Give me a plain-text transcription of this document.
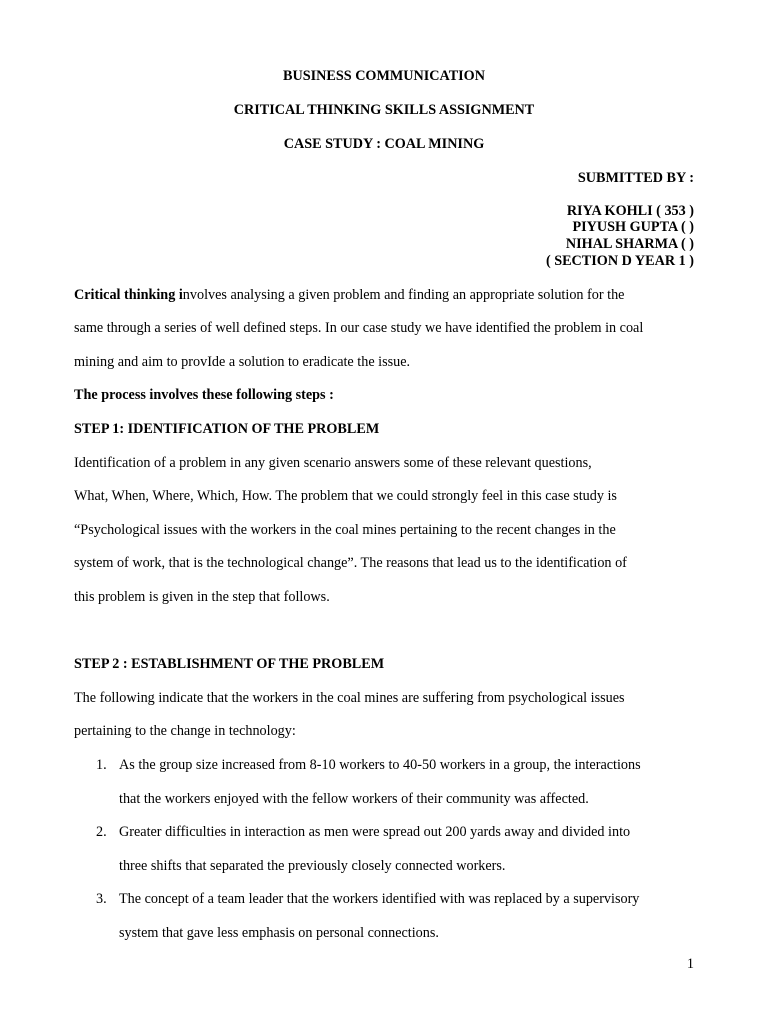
BUSINESS COMMUNICATION

CRITICAL THINKING SKILLS ASSIGNMENT

CASE STUDY : COAL MINING

SUBMITTED BY :

RIYA KOHLI ( 353 )

PIYUSH GUPTA ( )

NIHAL SHARMA ( )

( SECTION D YEAR 1 )

Critical thinking involves analysing a given problem and finding an appropriate solution for the

same through a series of well defined steps. In our case study we have identified the problem in coal

mining and aim to provIde a solution to eradicate the issue.

The process involves these following steps :

STEP 1: IDENTIFICATION OF THE PROBLEM

Identification of a problem in any given scenario answers some of these relevant questions,

What, When, Where, Which, How. The problem that we could strongly feel in this case study is

“Psychological issues with the workers in the coal mines pertaining to the recent changes in the

system of work, that is the technological change”. The reasons that lead us to the identification of

this problem is given in the step that follows.

STEP 2 : ESTABLISHMENT OF THE PROBLEM

The following indicate that the workers in the coal mines are suffering from psychological issues

pertaining to the change in technology:

1. As the group size increased from 8-10 workers to 40-50 workers in a group, the interactions

that the workers enjoyed with the fellow workers of their community was affected.

2. Greater difficulties in interaction as men were spread out 200 yards away and divided into

three shifts that separated the previously closely connected workers.

3. The concept of a team leader that the workers identified with was replaced by a supervisory

system that gave less emphasis on personal connections.

1
